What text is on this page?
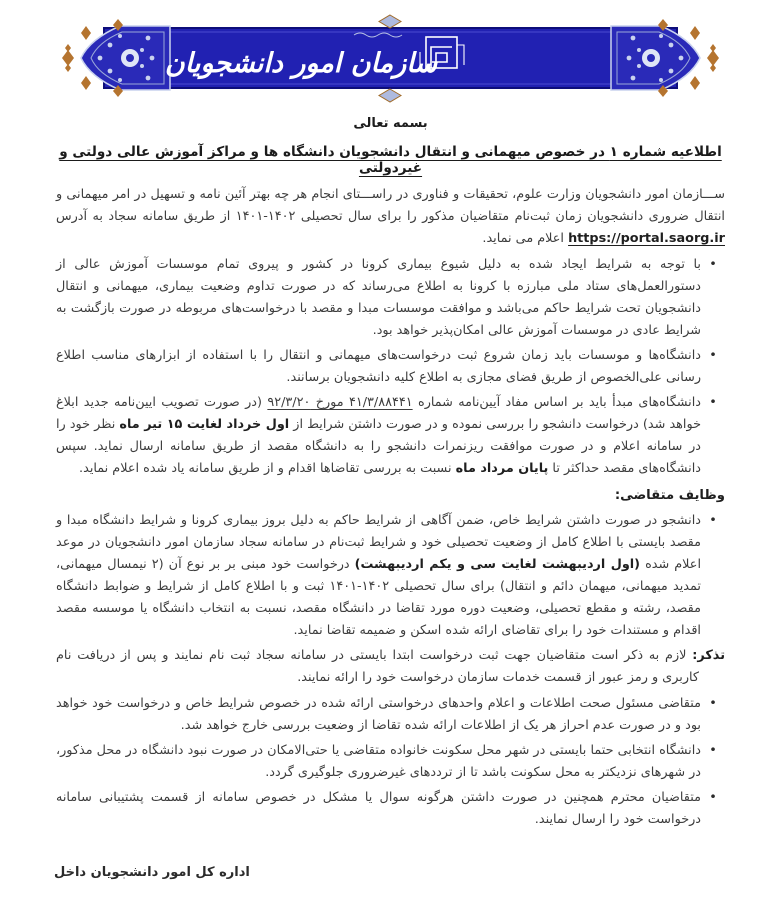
سازمان امور دانشجویان
بسمه تعالی
اطلاعیه شماره ۱ در خصوص میهمانی و انتقال دانشجویان دانشگاه ها و مراکز آموزش عالی دولتی و غیردولتی
ســـازمان امور دانشجویان وزارت علوم، تحقیقات و فناوری در راســـتای انجام هر چه بهتر آئین نامه و تسهیل در امر میهمانی و انتقال ضروری دانشجویان زمان ثبت‌نام متقاضیان مذکور را برای سال تحصیلی ۱۴۰۲-۱۴۰۱ از طریق سامانه سجاد به آدرس https://portal.saorg.ir اعلام می نماید.
•
با توجه به شرایط ایجاد شده به دلیل شیوع بیماری کرونا در کشور و پیروی تمام موسسات آموزش عالی از دستورالعمل‌های ستاد ملی مبارزه با کرونا به اطلاع می‌رساند که در صورت تداوم وضعیت بیماری، میهمانی و انتقال دانشجویان تحت شرایط حاکم می‌باشد و موافقت موسسات مبدا و مقصد با درخواست‌های مربوطه در صورت بازگشت به شرایط عادی در موسسات آموزش عالی امکان‌پذیر خواهد بود.
•
دانشگاه‌ها و موسسات باید زمان شروع ثبت درخواست‌های میهمانی و انتقال را با استفاده از ابزارهای مناسب اطلاع رسانی علی‌الخصوص از طریق فضای مجازی به اطلاع کلیه دانشجویان برسانند.
•
دانشگاه‌های مبدأ باید بر اساس مفاد آیین‌نامه شماره ۴۱/۳/۸۸۴۴۱ مورخ ۹۲/۳/۲۰ (در صورت تصویب ایین‌نامه جدید ابلاغ خواهد شد) درخواست دانشجو را بررسی نموده و در صورت داشتن شرایط از اول خرداد لغایت ۱۵ تیر ماه نظر خود را در سامانه اعلام و در صورت موافقت ریزنمرات دانشجو را به دانشگاه مقصد از طریق سامانه ارسال نماید. سپس دانشگاه‌های مقصد حداکثر تا پایان مرداد ماه نسبت به بررسی تقاضاها اقدام و از طریق سامانه یاد شده اعلام نماید.
وظایف متقاضی:
•
دانشجو در صورت داشتن شرایط خاص، ضمن آگاهی از شرایط حاکم به دلیل بروز بیماری کرونا و شرایط دانشگاه مبدا و مقصد بایستی با اطلاع کامل از وضعیت تحصیلی خود و شرایط ثبت‌نام در سامانه سجاد سازمان امور دانشجویان در موعد اعلام شده (اول اردیبهشت لغایت سی و یکم اردیبهشت) درخواست خود مبنی بر بر نوع آن (۲ نیمسال میهمانی، تمدید میهمانی، میهمان دائم و انتقال) برای سال تحصیلی ۱۴۰۲-۱۴۰۱ ثبت و با اطلاع کامل از شرایط و ضوابط دانشگاه مقصد، رشته و مقطع تحصیلی، وضعیت دوره مورد تقاضا در دانشگاه مقصد، نسبت به انتخاب دانشگاه یا موسسه مقصد اقدام و مستندات خود را برای تقاضای ارائه شده اسکن و ضمیمه تقاضا نماید.
تذکر: لازم به ذکر است متقاضیان جهت ثبت درخواست ابتدا بایستی در سامانه سجاد ثبت نام نمایند و پس از دریافت نام کاربری و رمز عبور از قسمت خدمات سازمان درخواست خود را ارائه نمایند.
•
متقاضی مسئول صحت اطلاعات و اعلام واحدهای درخواستی ارائه شده در خصوص شرایط خاص و درخواست خود خواهد بود و در صورت عدم احراز هر یک از اطلاعات ارائه شده تقاضا از وضعیت بررسی خارج خواهد شد.
•
دانشگاه انتخابی حتما بایستی در شهر محل سکونت خانواده متقاضی یا حتی‌الامکان در صورت نبود دانشگاه در محل مذکور، در شهرهای نزدیکتر به محل سکونت باشد تا از ترددهای غیرضروری جلوگیری گردد.
•
متقاضیان محترم همچنین در صورت داشتن هرگونه سوال یا مشکل در خصوص سامانه از قسمت پشتیبانی سامانه درخواست خود را ارسال نمایند.
اداره کل امور دانشجویان داخل
